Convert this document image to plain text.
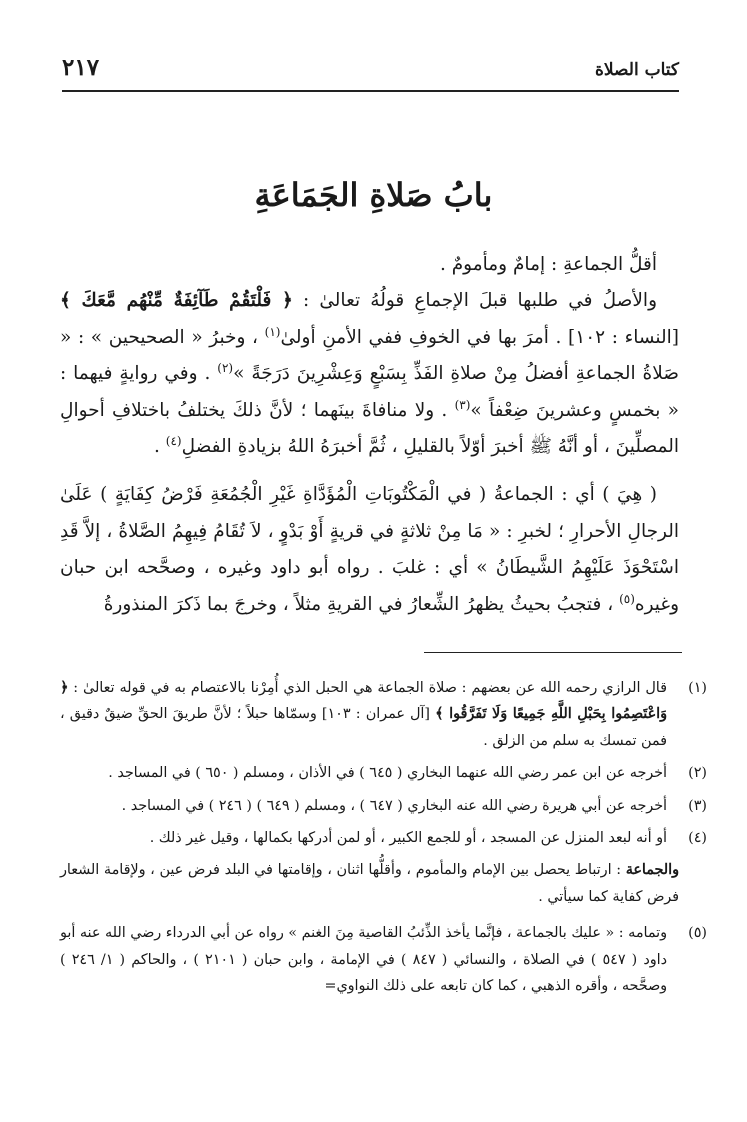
كتاب الصلاة
٢١٧
بابُ صَلاةِ الجَمَاعَةِ

أقلُّ الجماعةِ : إمامٌ ومأمومٌ .

والأصلُ في طلبها قبلَ الإجماعِ قولُهُ تعالىٰ : ﴿ فَلْتَقُمْ طَآئِفَةٌ مِّنْهُم مَّعَكَ ﴾ [النساء : ١٠٢] . أمرَ بها في الخوفِ ففي الأمنِ أولىٰ$^{(١)}$ ، وخبرُ « الصحيحين » : « صَلاةُ الجماعةِ أفضلُ مِنْ صلاةِ الفَذِّ بِسَبْعٍ وَعِشْرِينَ دَرَجَةً »$^{(٢)}$ . وفي روايةٍ فيهما : « بخمسٍ وعشرينَ ضِعْفاً »$^{(٣)}$ . ولا منافاةَ بينَهما ؛ لأنَّ ذلكَ يختلفُ باختلافِ أحوالِ المصلِّينَ ، أو أنَّهُ ﷺ أخبرَ أوّلاً بالقليلِ ، ثُمَّ أخبرَهُ اللهُ بزيادةِ الفضلِ$^{(٤)}$ .

( هِيَ ) أي : الجماعةُ ( في الْمَكْتُوبَاتِ الْمُؤَدَّاةِ غَيْرِ الْجُمُعَةِ فَرْضُ كِفَايَةٍ ) عَلَىٰ الرجالِ الأحرارِ ؛ لخبرِ : « مَا مِنْ ثلاثةٍ في قريةٍ أَوْ بَدْوٍ ، لاَ تُقَامُ فِيهِمُ الصَّلاةُ ، إلاَّ قَدِ اسْتَحْوَذَ عَلَيْهِمُ الشَّيطَانُ » أي : غلبَ . رواه أبو داود وغيره ، وصحَّحه ابن حبان وغيره$^{(٥)}$ ، فتجبُ بحيثُ يظهرُ الشِّعارُ في القريةِ مثلاً ، وخرجَ بما ذَكرَ المنذورةُ

(١)
قال الرازي رحمه الله عن بعضهم : صلاة الجماعة هي الحبل الذي أُمِرْنا بالاعتصام به في قوله تعالىٰ : ﴿ وَاعْتَصِمُوا بِحَبْلِ اللَّهِ جَمِيعًا وَلَا تَفَرَّقُوا ﴾ [آل عمران : ١٠٣] وسمّاها حبلاً ؛ لأنَّ طريقَ الحقِّ ضيقٌ دقيق ، فمن تمسك به سلم من الزلق .
(٢)
أخرجه عن ابن عمر رضي الله عنهما البخاري ( ٦٤٥ ) في الأذان ، ومسلم ( ٦٥٠ ) في المساجد .
(٣)
أخرجه عن أبي هريرة رضي الله عنه البخاري ( ٦٤٧ ) ، ومسلم ( ٦٤٩ ) ( ٢٤٦ ) في المساجد .
(٤)
أو أنه لبعد المنزل عن المسجد ، أو للجمع الكبير ، أو لمن أدركها بكمالها ، وقيل غير ذلك .
والجماعة : ارتباط يحصل بين الإمام والمأموم ، وأقلُّها اثنان ، وإقامتها في البلد فرض عين ، ولإقامة الشعار فرض كفاية كما سيأتي .
(٥)
وتمامه : « عليك بالجماعة ، فإنَّما يأخذ الذِّئبُ القاصية مِنَ الغنم » رواه عن أبي الدرداء رضي الله عنه أبو داود ( ٥٤٧ ) في الصلاة ، والنسائي ( ٨٤٧ ) في الإمامة ، وابن حبان ( ٢١٠١ ) ، والحاكم ( ١/ ٢٤٦ ) وصحَّحه ، وأقره الذهبي ، كما كان تابعه على ذلك النواوي=
